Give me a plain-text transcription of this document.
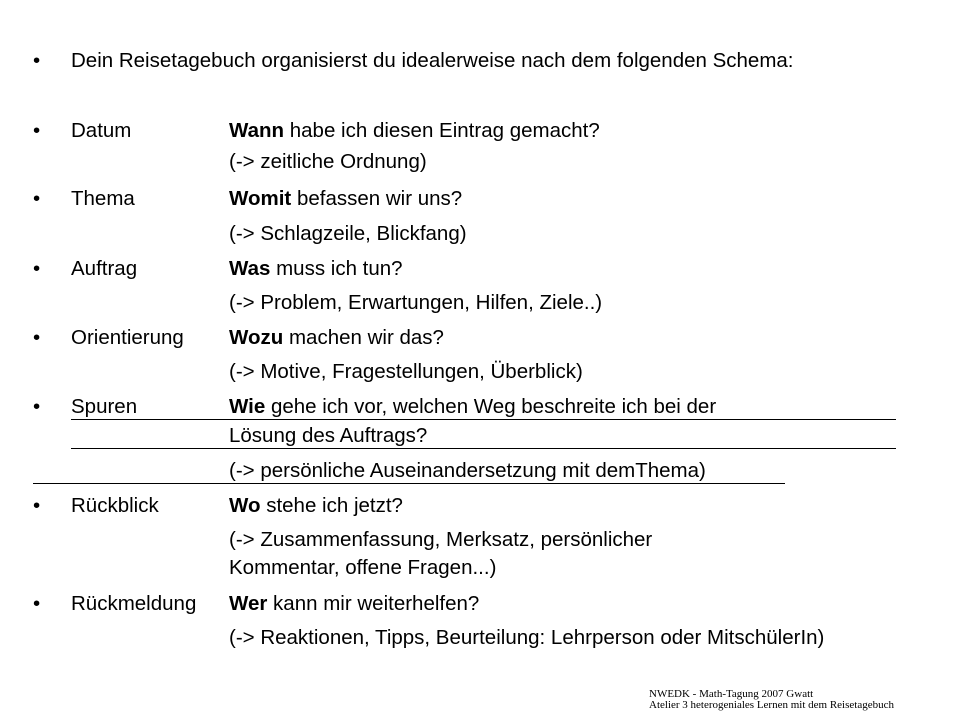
• Dein Reisetagebuch organisierst du idealerweise nach dem folgenden Schema:
• Datum	Wann habe ich diesen Eintrag gemacht?
(-> zeitliche Ordnung)
• Thema	Womit befassen wir uns?
(-> Schlagzeile, Blickfang)
• Auftrag	Was muss ich tun?
(-> Problem, Erwartungen, Hilfen, Ziele..)
• Orientierung Wozu machen wir das?
(-> Motive, Fragestellungen, Überblick)
• Spuren	Wie gehe ich vor, welchen Weg beschreite ich bei der
Lösung des Auftrags?
(-> persönliche Auseinandersetzung mit demThema)
• Rückblick	Wo stehe ich jetzt?
(-> Zusammenfassung, Merksatz, persönlicher
Kommentar, offene Fragen...)
• Rückmeldung Wer kann mir weiterhelfen?
(-> Reaktionen, Tipps, Beurteilung: Lehrperson oder MitschülerIn)
NWEDK - Math-Tagung 2007 Gwatt
Atelier 3 heterogeniales Lernen mit dem Reisetagebuch
